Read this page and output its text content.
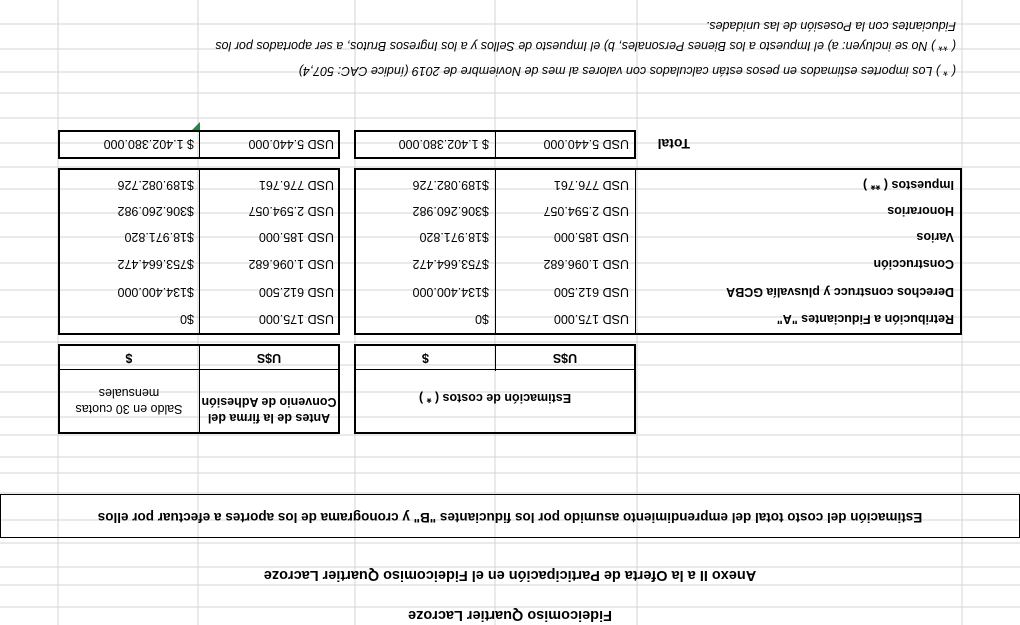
Fideicomiso Quartier Lacroze
Anexo II a la Oferta de Participación en el Fideicomiso Quartier Lacroze
Estimación del costo total del emprendimiento asumido por los fiduciantes "B" y cronograma de los aportes a efectuar por ellos
Estimación de costos ( * )
U$S
$
Antes de la firma del Convenio de Adhesión
Saldo en 30 cuotas mensuales
U$S
$
Retribución a Fiduciantes "A"
USD 175.000
$0
USD 175.000
$0
Derechos construcc y plusvalía GCBA
USD 612.500
$134.400.000
USD 612.500
$134.400.000
Construcción
USD 1.096.682
$753.664.472
USD 1.096.682
$753.664.472
Varios
USD 185.000
$18.971.820
USD 185.000
$18.971.820
Honorarios
USD 2.594.057
$306.260.982
USD 2.594.057
$306.260.982
Impuestos ( ** )
USD 776.761
$189.082.726
USD 776.761
$189.082.726
Total
USD 5.440.000
$ 1.402.380.000
USD 5.440.000
$ 1.402.380.000
( * ) Los importes estimados en pesos están calculados con valores al mes de Noviembre de 2019 (índice CAC: 507,4)
( ** ) No se incluyen: a) el Impuesto a los Bienes Personales, b) el Impuesto de Sellos y a los Ingresos Brutos, a ser aportados por los
Fiduciantes con la Posesión de las unidades.
